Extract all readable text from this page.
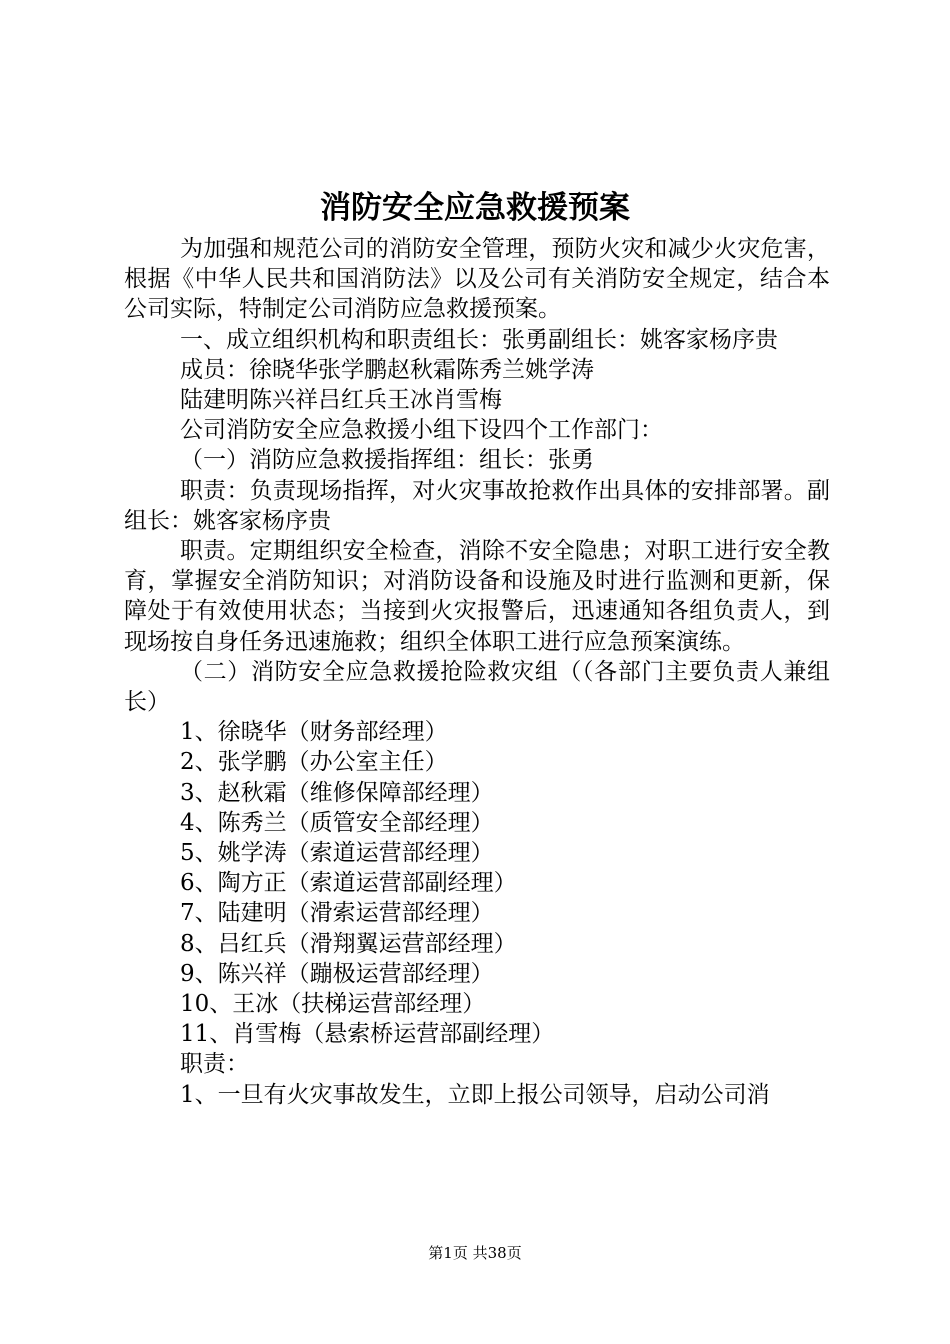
消防安全应急救援预案

为加强和规范公司的消防安全管理，预防火灾和减少火灾危害，根据《中华人民共和国消防法》以及公司有关消防安全规定，结合本公司实际，特制定公司消防应急救援预案。

一、成立组织机构和职责组长：张勇副组长：姚客家杨序贵

成员：徐晓华张学鹏赵秋霜陈秀兰姚学涛

陆建明陈兴祥吕红兵王冰肖雪梅

公司消防安全应急救援小组下设四个工作部门：

（一）消防应急救援指挥组：组长：张勇

职责：负责现场指挥，对火灾事故抢救作出具体的安排部署。副组长：姚客家杨序贵

职责。定期组织安全检查，消除不安全隐患；对职工进行安全教育，掌握安全消防知识；对消防设备和设施及时进行监测和更新，保障处于有效使用状态；当接到火灾报警后，迅速通知各组负责人，到现场按自身任务迅速施救；组织全体职工进行应急预案演练。

（二）消防安全应急救援抢险救灾组（（各部门主要负责人兼组长）

1、徐晓华（财务部经理）

2、张学鹏（办公室主任）

3、赵秋霜（维修保障部经理）

4、陈秀兰（质管安全部经理）

5、姚学涛（索道运营部经理）

6、陶方正（索道运营部副经理）

7、陆建明（滑索运营部经理）

8、吕红兵（滑翔翼运营部经理）

9、陈兴祥（蹦极运营部经理）

10、王冰（扶梯运营部经理）

11、肖雪梅（悬索桥运营部副经理）

职责：

1、一旦有火灾事故发生，立即上报公司领导，启动公司消

第1页 共38页
